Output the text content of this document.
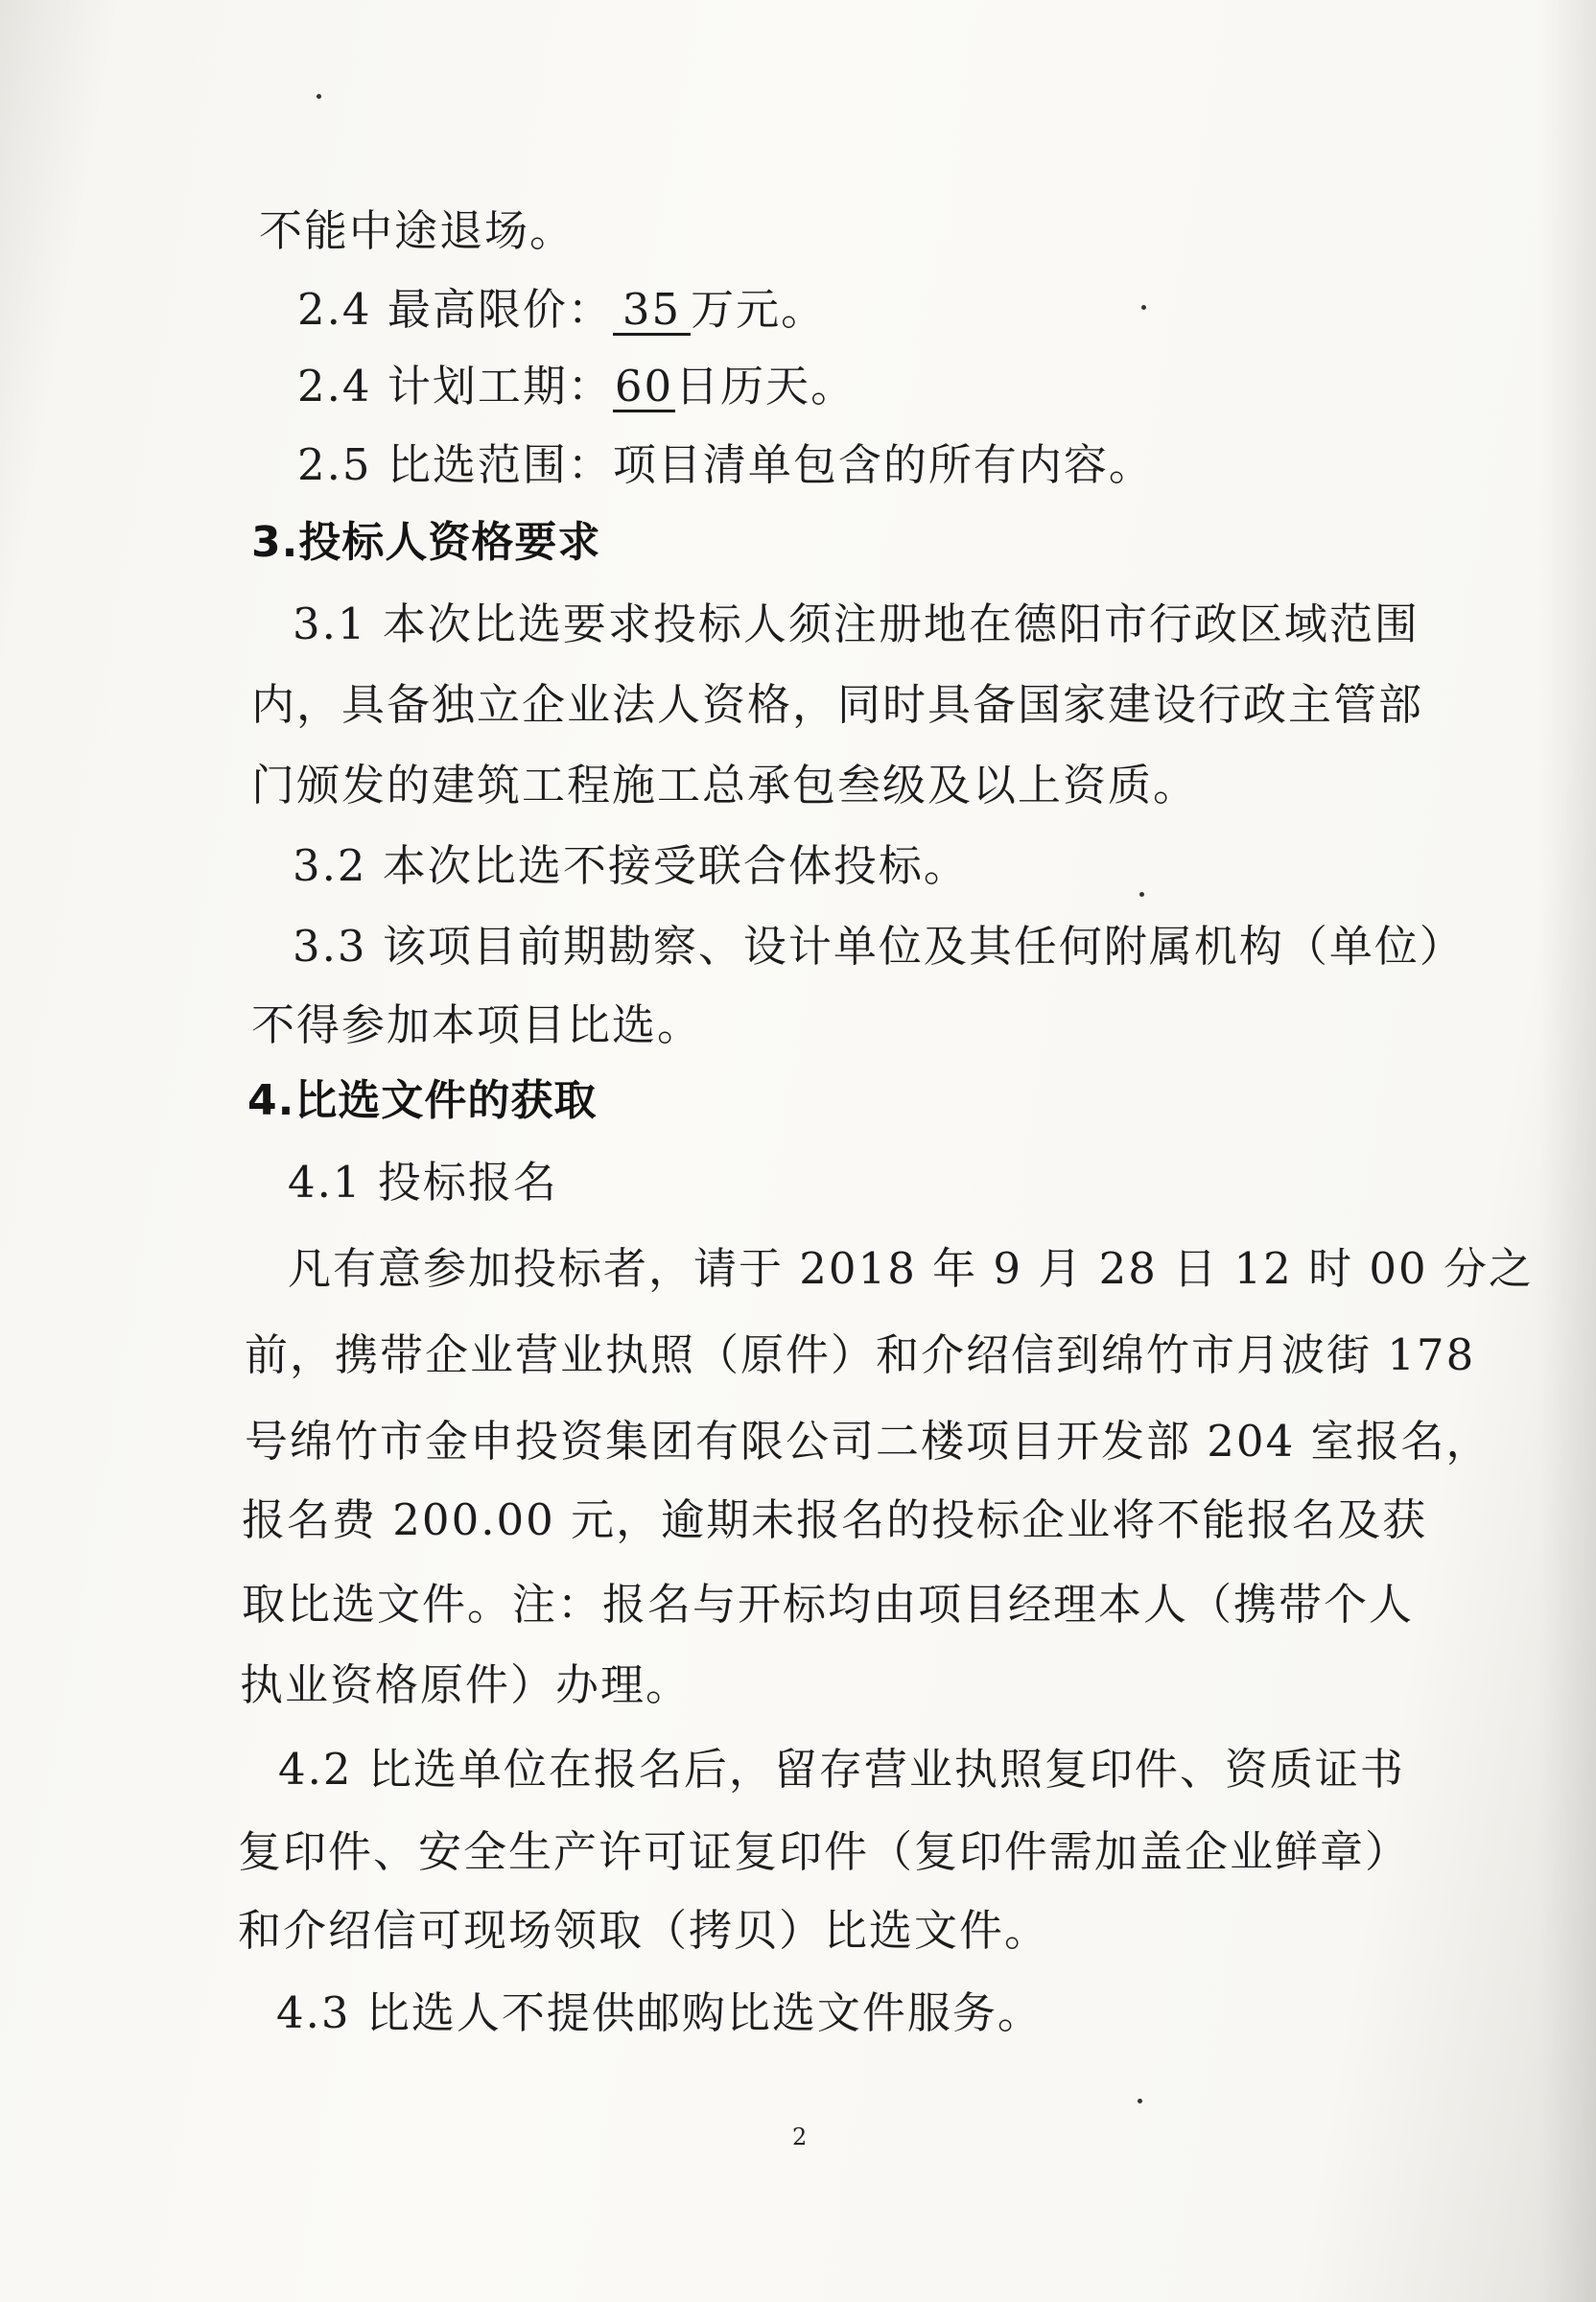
不能中途退场。
2.4 最高限价： 35 万元。
2.4 计划工期：60日历天。
2.5 比选范围：项目清单包含的所有内容。
3.投标人资格要求
3.1 本次比选要求投标人须注册地在德阳市行政区域范围
内，具备独立企业法人资格，同时具备国家建设行政主管部
门颁发的建筑工程施工总承包叁级及以上资质。
3.2 本次比选不接受联合体投标。
3.3 该项目前期勘察、设计单位及其任何附属机构（单位）
不得参加本项目比选。
4.比选文件的获取
4.1 投标报名
凡有意参加投标者，请于 2018 年 9 月 28 日 12 时 00 分之
前，携带企业营业执照（原件）和介绍信到绵竹市月波街 178
号绵竹市金申投资集团有限公司二楼项目开发部 204 室报名，
报名费 200.00 元，逾期未报名的投标企业将不能报名及获
取比选文件。注：报名与开标均由项目经理本人（携带个人
执业资格原件）办理。
4.2 比选单位在报名后，留存营业执照复印件、资质证书
复印件、安全生产许可证复印件（复印件需加盖企业鲜章）
和介绍信可现场领取（拷贝）比选文件。
4.3 比选人不提供邮购比选文件服务。
2
